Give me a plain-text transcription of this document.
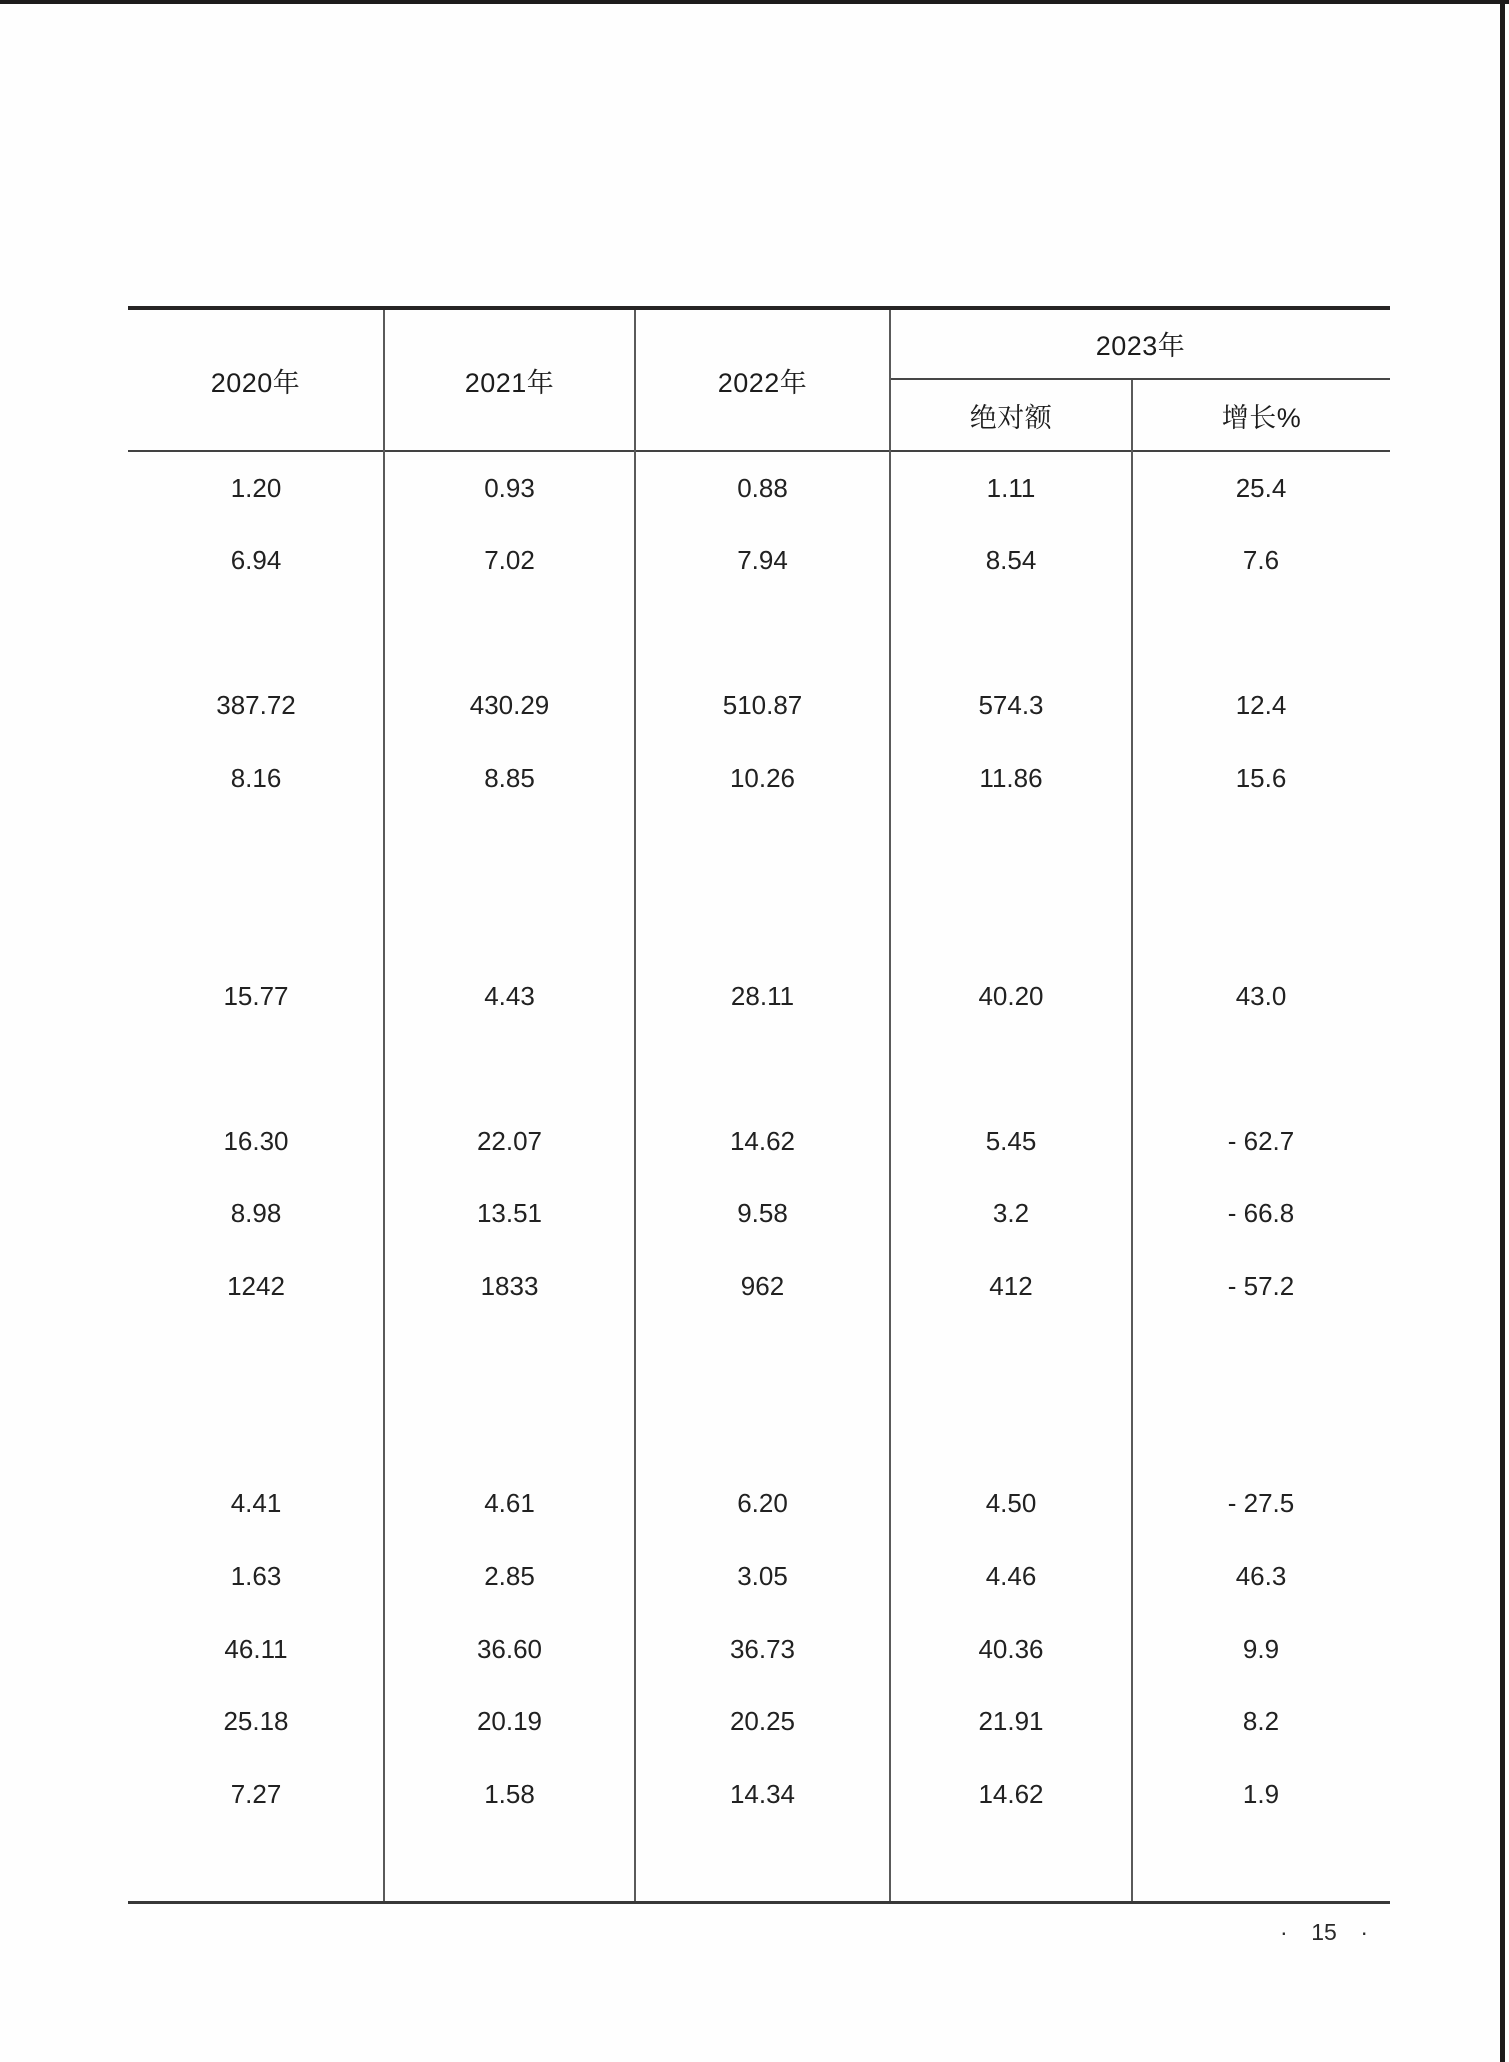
2020年	2021年	2022年
2023年
绝对额	增长%
1.20	0.93	0.88	1.11	25.4
6.94	7.02	7.94	8.54	7.6
387.72	430.29	510.87	574.3	12.4
8.16	8.85	10.26	11.86	15.6
15.77	4.43	28.11	40.20	43.0
16.30	22.07	14.62	5.45	- 62.7
8.98	13.51	9.58	3.2	- 66.8
1242	1833	962	412	- 57.2
4.41	4.61	6.20	4.50	- 27.5
1.63	2.85	3.05	4.46	46.3
46.11	36.60	36.73	40.36	9.9
25.18	20.19	20.25	21.91	8.2
7.27	1.58	14.34	14.62	1.9
· 15 ·
